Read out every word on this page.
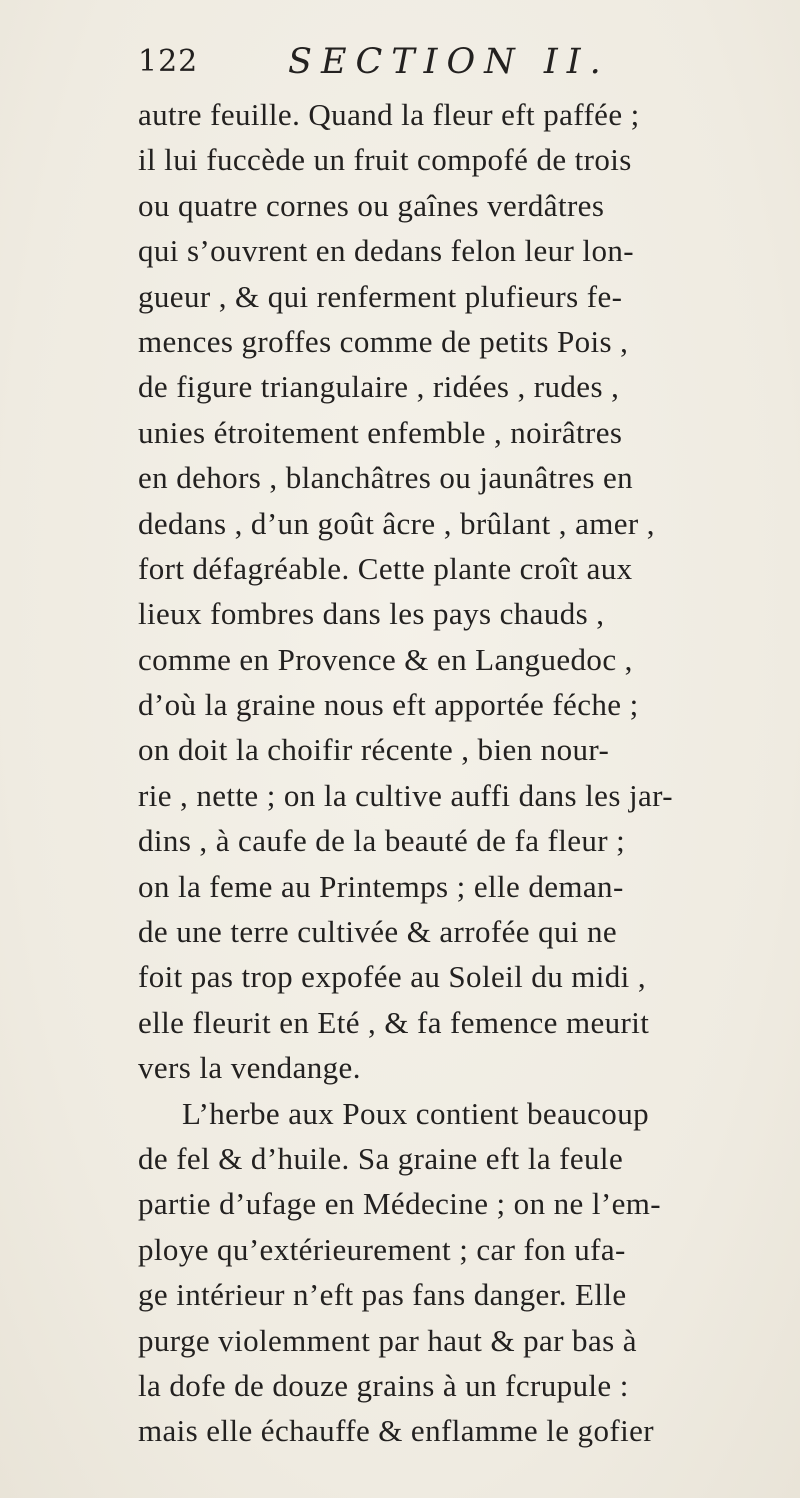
122	SECTION II.
autre feuille. Quand la fleur eft paffée ;
il lui fuccède un fruit compofé de trois
ou quatre cornes ou gaînes verdâtres
qui s’ouvrent en dedans felon leur lon-
gueur , & qui renferment plufieurs fe-
mences groffes comme de petits Pois ,
de figure triangulaire , ridées , rudes ,
unies étroitement enfemble , noirâtres
en dehors , blanchâtres ou jaunâtres en
dedans , d’un goût âcre , brûlant , amer ,
fort défagréable. Cette plante croît aux
lieux fombres dans les pays chauds ,
comme en Provence & en Languedoc ,
d’où la graine nous eft apportée féche ;
on doit la choifir récente , bien nour-
rie , nette ; on la cultive auffi dans les jar-
dins , à caufe de la beauté de fa fleur ;
on la feme au Printemps ; elle deman-
de une terre cultivée & arrofée qui ne
foit pas trop expofée au Soleil du midi ,
elle fleurit en Eté , & fa femence meurit
vers la vendange.
L’herbe aux Poux contient beaucoup
de fel & d’huile. Sa graine eft la feule
partie d’ufage en Médecine ; on ne l’em-
ploye qu’extérieurement ; car fon ufa-
ge intérieur n’eft pas fans danger. Elle
purge violemment par haut & par bas à
la dofe de douze grains à un fcrupule :
mais elle échauffe & enflamme le gofier
